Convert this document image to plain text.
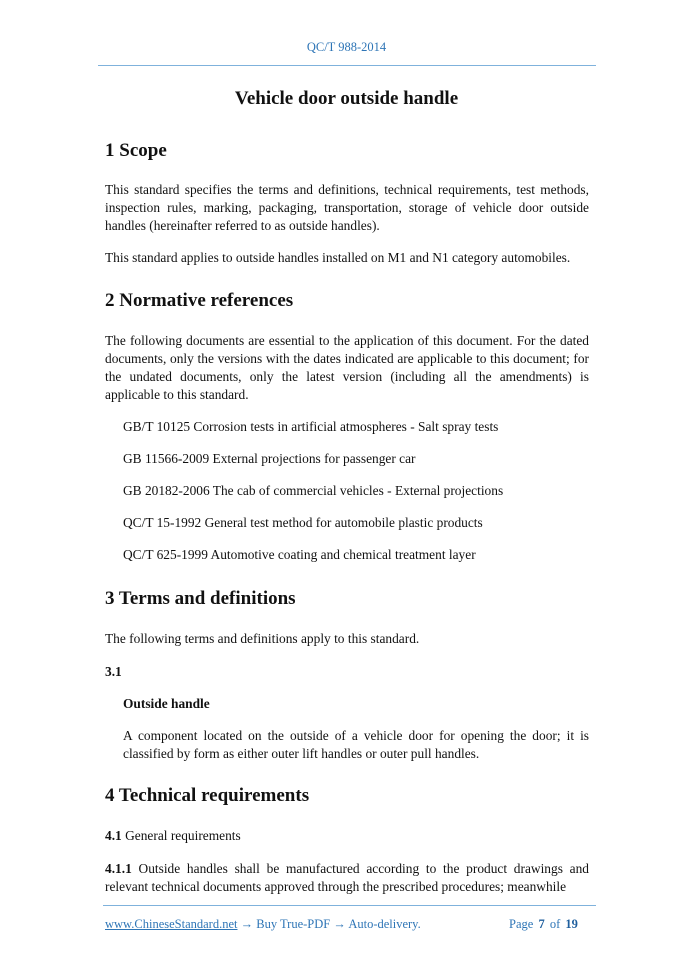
QC/T 988-2014
Vehicle door outside handle
1 Scope

This standard specifies the terms and definitions, technical requirements, test methods, inspection rules, marking, packaging, transportation, storage of vehicle door outside handles (hereinafter referred to as outside handles).

This standard applies to outside handles installed on M1 and N1 category automobiles.

2 Normative references

The following documents are essential to the application of this document. For the dated documents, only the versions with the dates indicated are applicable to this document; for the undated documents, only the latest version (including all the amendments) is applicable to this standard.

GB/T 10125 Corrosion tests in artificial atmospheres - Salt spray tests
GB 11566-2009 External projections for passenger car
GB 20182-2006 The cab of commercial vehicles - External projections
QC/T 15-1992 General test method for automobile plastic products
QC/T 625-1999 Automotive coating and chemical treatment layer
3 Terms and definitions

The following terms and definitions apply to this standard.

3.1

Outside handle

A component located on the outside of a vehicle door for opening the door; it is classified by form as either outer lift handles or outer pull handles.

4 Technical requirements

4.1 General requirements

4.1.1 Outside handles shall be manufactured according to the product drawings and relevant technical documents approved through the prescribed procedures; meanwhile

www.ChineseStandard.net → Buy True-PDF → Auto-delivery.	Page 7 of 19
